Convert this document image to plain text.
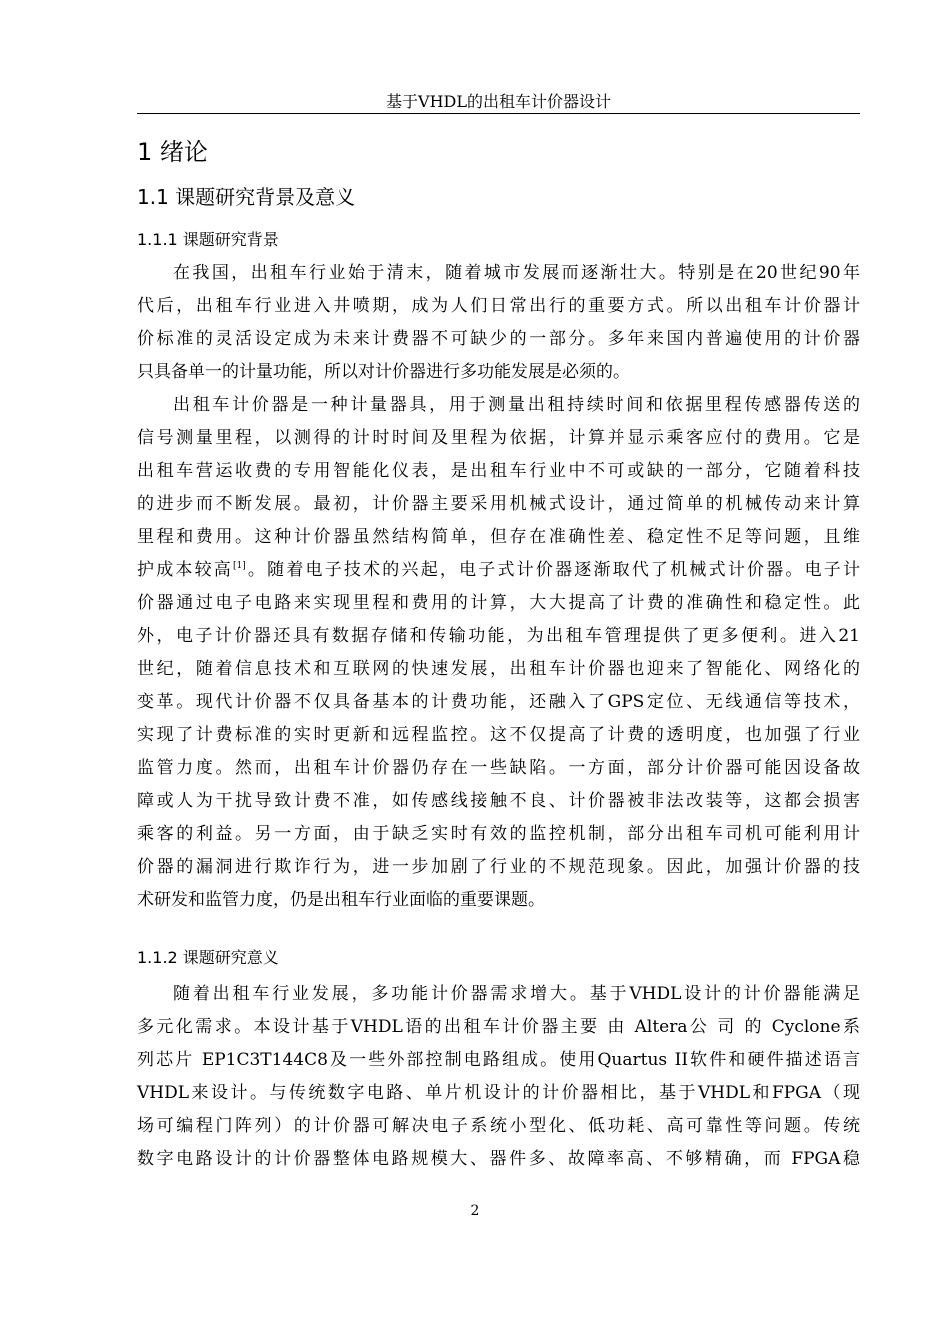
基于VHDL的出租车计价器设计
1 绪论
1.1 课题研究背景及意义
1.1.1 课题研究背景
在我国，出租车行业始于清末，随着城市发展而逐渐壮大。特别是在20世纪90年
代后，出租车行业进入井喷期，成为人们日常出行的重要方式。所以出租车计价器计
价标准的灵活设定成为未来计费器不可缺少的一部分。多年来国内普遍使用的计价器
只具备单一的计量功能，所以对计价器进行多功能发展是必须的。
出租车计价器是一种计量器具，用于测量出租持续时间和依据里程传感器传送的
信号测量里程，以测得的计时时间及里程为依据，计算并显示乘客应付的费用。它是
出租车营运收费的专用智能化仪表，是出租车行业中不可或缺的一部分，它随着科技
的进步而不断发展。最初，计价器主要采用机械式设计，通过简单的机械传动来计算
里程和费用。这种计价器虽然结构简单，但存在准确性差、稳定性不足等问题，且维
护成本较高[1]。随着电子技术的兴起，电子式计价器逐渐取代了机械式计价器。电子计
价器通过电子电路来实现里程和费用的计算，大大提高了计费的准确性和稳定性。此
外，电子计价器还具有数据存储和传输功能，为出租车管理提供了更多便利。进入21
世纪，随着信息技术和互联网的快速发展，出租车计价器也迎来了智能化、网络化的
变革。现代计价器不仅具备基本的计费功能，还融入了GPS定位、无线通信等技术，
实现了计费标准的实时更新和远程监控。这不仅提高了计费的透明度，也加强了行业
监管力度。然而，出租车计价器仍存在一些缺陷。一方面，部分计价器可能因设备故
障或人为干扰导致计费不准，如传感线接触不良、计价器被非法改装等，这都会损害
乘客的利益。另一方面，由于缺乏实时有效的监控机制，部分出租车司机可能利用计
价器的漏洞进行欺诈行为，进一步加剧了行业的不规范现象。因此，加强计价器的技
术研发和监管力度，仍是出租车行业面临的重要课题。
1.1.2 课题研究意义
随着出租车行业发展，多功能计价器需求增大。基于VHDL设计的计价器能满足
多元化需求。本设计基于VHDL语的出租车计价器主要 由 Altera公 司 的 Cyclone系
列芯片 EP1C3T144C8及一些外部控制电路组成。使用Quartus II软件和硬件描述语言
VHDL来设计。与传统数字电路、单片机设计的计价器相比，基于VHDL和FPGA（现
场可编程门阵列）的计价器可解决电子系统小型化、低功耗、高可靠性等问题。传统
数字电路设计的计价器整体电路规模大、器件多、故障率高、不够精确，而 FPGA稳
2
